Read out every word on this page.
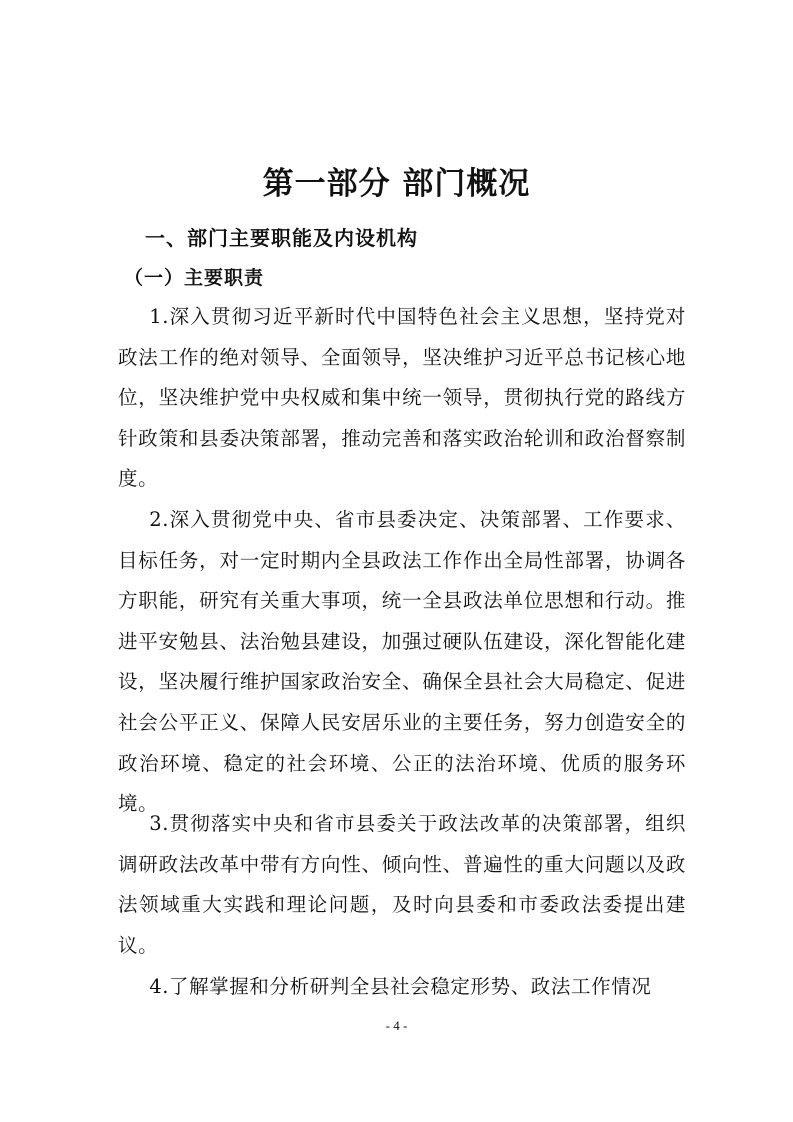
第一部分 部门概况
一、部门主要职能及内设机构
（一）主要职责
1.深入贯彻习近平新时代中国特色社会主义思想，坚持党对政法工作的绝对领导、全面领导，坚决维护习近平总书记核心地位，坚决维护党中央权威和集中统一领导，贯彻执行党的路线方针政策和县委决策部署，推动完善和落实政治轮训和政治督察制度。
2.深入贯彻党中央、省市县委决定、决策部署、工作要求、目标任务，对一定时期内全县政法工作作出全局性部署，协调各方职能，研究有关重大事项，统一全县政法单位思想和行动。推进平安勉县、法治勉县建设，加强过硬队伍建设，深化智能化建设，坚决履行维护国家政治安全、确保全县社会大局稳定、促进社会公平正义、保障人民安居乐业的主要任务，努力创造安全的政治环境、稳定的社会环境、公正的法治环境、优质的服务环境。
3.贯彻落实中央和省市县委关于政法改革的决策部署，组织调研政法改革中带有方向性、倾向性、普遍性的重大问题以及政法领域重大实践和理论问题，及时向县委和市委政法委提出建议。
4.了解掌握和分析研判全县社会稳定形势、政法工作情况
- 4 -
